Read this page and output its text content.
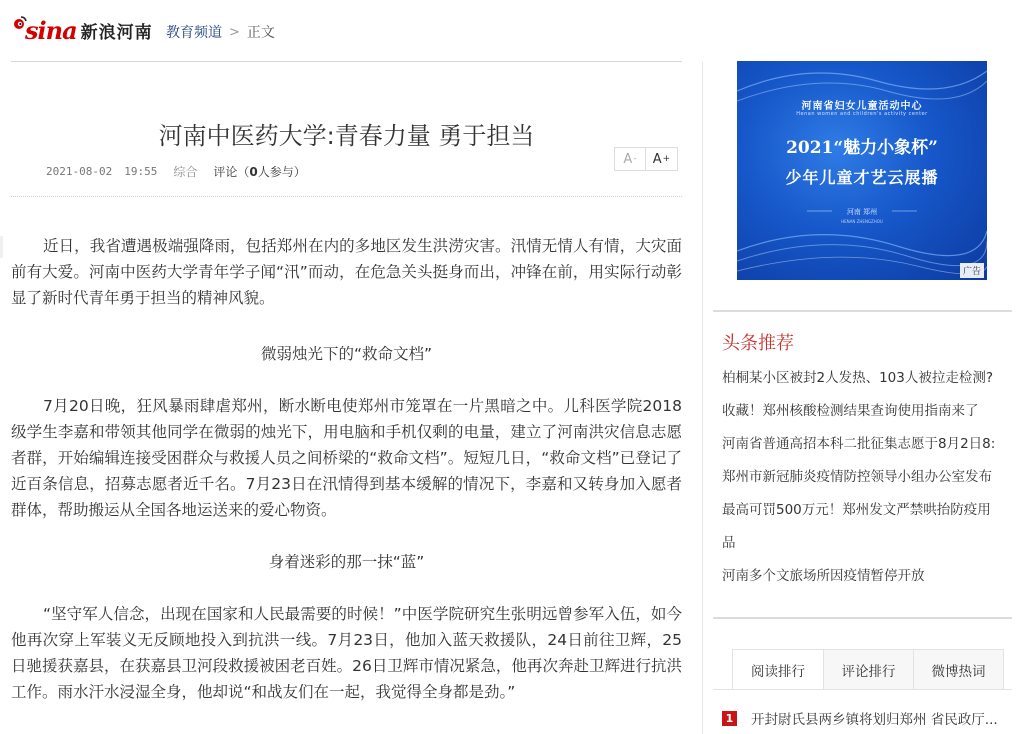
sina 新浪河南 教育频道 > 正文
河南中医药大学:青春力量 勇于担当
2021-08-02 19:55 综合 评论（0人参与）
A - A +

近日，我省遭遇极端强降雨，包括郑州在内的多地区发生洪涝灾害。汛情无情人有情，大灾面前有大爱。河南中医药大学青年学子闻“汛”而动，在危急关头挺身而出，冲锋在前，用实际行动彰显了新时代青年勇于担当的精神风貌。

微弱烛光下的“救命文档”

7月20日晚，狂风暴雨肆虐郑州，断水断电使郑州市笼罩在一片黑暗之中。儿科医学院2018级学生李嘉和带领其他同学在微弱的烛光下，用电脑和手机仅剩的电量，建立了河南洪灾信息志愿者群，开始编辑连接受困群众与救援人员之间桥梁的“救命文档”。短短几日，“救命文档”已登记了近百条信息，招募志愿者近千名。7月23日在汛情得到基本缓解的情况下，李嘉和又转身加入愿者群体，帮助搬运从全国各地运送来的爱心物资。

身着迷彩的那一抹“蓝”

“坚守军人信念，出现在国家和人民最需要的时候！”中医学院研究生张明远曾参军入伍，如今他再次穿上军装义无反顾地投入到抗洪一线。7月23日，他加入蓝天救援队，24日前往卫辉，25日驰援获嘉县，在获嘉县卫河段救援被困老百姓。26日卫辉市情况紧急，他再次奔赴卫辉进行抗洪工作。雨水汗水浸湿全身，他却说“和战友们在一起，我觉得全身都是劲。”

河南省妇女儿童活动中心
Henan women and children's activity center
2021“魅力小象杯”
少年儿童才艺云展播
河南 郑州
HENAN ZHENGZHOU
广告
头条推荐
柏桐某小区被封2人发热、103人被拉走检测?
收藏！郑州核酸检测结果查询使用指南来了
河南省普通高招本科二批征集志愿于8月2日8:
郑州市新冠肺炎疫情防控领导小组办公室发布
最高可罚500万元！郑州发文严禁哄抬防疫用
品
河南多个文旅场所因疫情暂停开放
阅读排行	评论排行	微博热词
1 开封尉氏县两乡镇将划归郑州 省民政厅...
